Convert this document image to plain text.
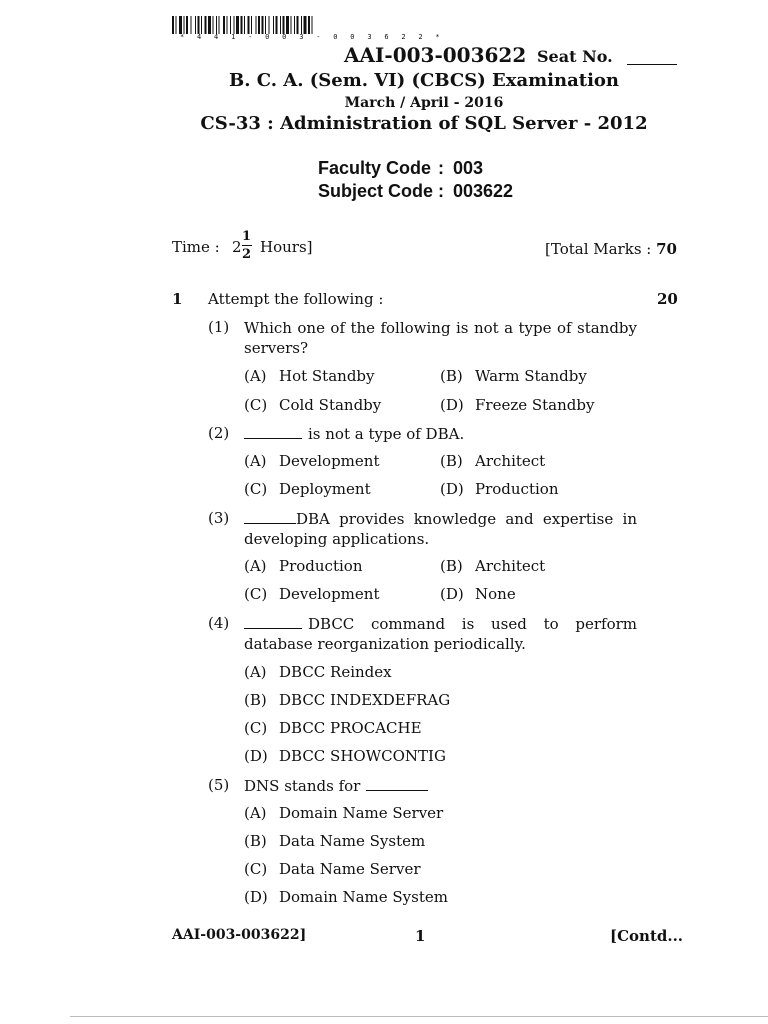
* 4 4 1 - 0 0 3 - 0 0 3 6 2 2 *
AAI-003-003622 Seat No.
B. C. A. (Sem. VI) (CBCS) Examination
March / April - 2016
CS-33 : Administration of SQL Server - 2012
Faculty Code : 003
Subject Code : 003622
Time : 2
1
2 Hours]	[Total Marks : 70
1 Attempt the following :	20
(1) Which one of the following is not a type of standby servers?
(A) Hot Standby	(B) Warm Standby
(C) Cold Standby	(D) Freeze Standby
(2)	is not a type of DBA.
(A) Development	(B) Architect
(C) Deployment	(D) Production
(3)	DBA provides knowledge and expertise in developing applications.
(A) Production	(B) Architect
(C) Development	(D) None
(4)	DBCC command is used to perform database reorganization periodically.
(A) DBCC Reindex
(B) DBCC INDEXDEFRAG
(C) DBCC PROCACHE
(D) DBCC SHOWCONTIG
(5) DNS stands for
(A) Domain Name Server
(B) Data Name System
(C) Data Name Server
(D) Domain Name System
AAI-003-003622]	1	[Contd...
